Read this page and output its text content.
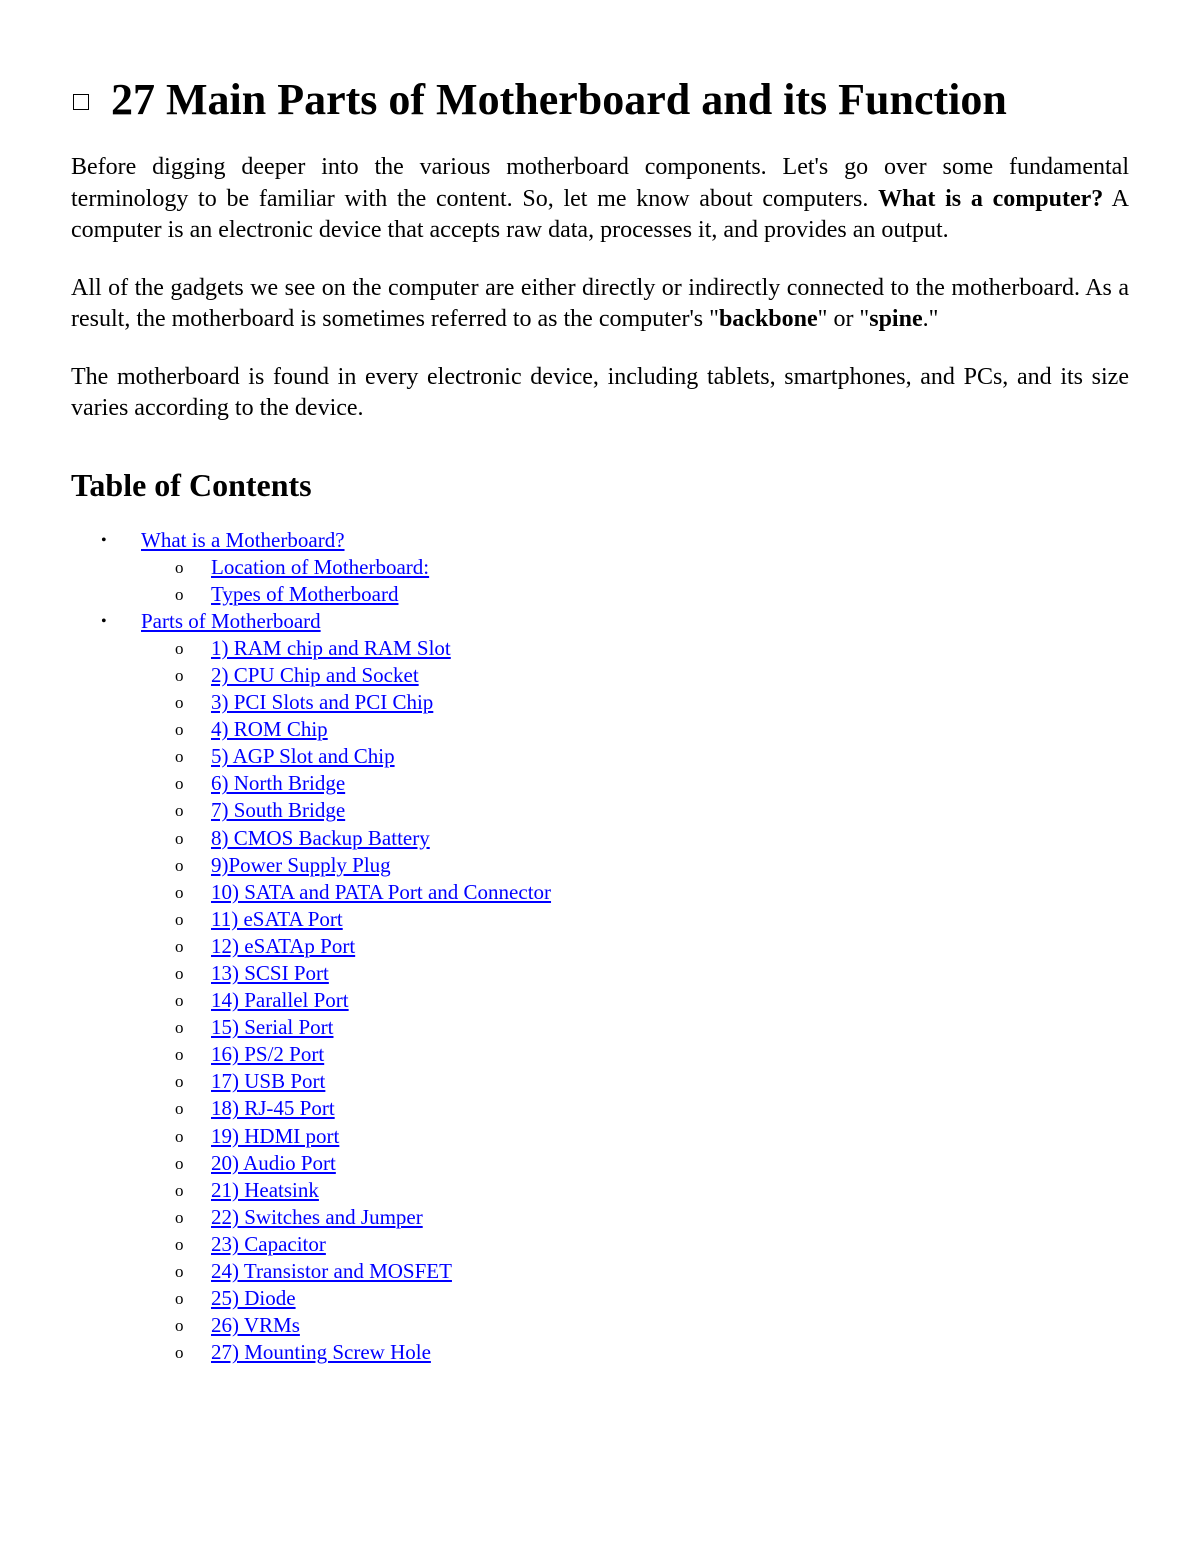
27 Main Parts of Motherboard and its Function

Before digging deeper into the various motherboard components. Let's go over some fundamental terminology to be familiar with the content. So, let me know about computers. What is a computer? A computer is an electronic device that accepts raw data, processes it, and provides an output.

All of the gadgets we see on the computer are either directly or indirectly connected to the motherboard. As a result, the motherboard is sometimes referred to as the computer's "backbone" or "spine."

The motherboard is found in every electronic device, including tablets, smartphones, and PCs, and its size varies according to the device.

Table of Contents
• What is a Motherboard?
o Location of Motherboard:
o Types of Motherboard
• Parts of Motherboard
o 1) RAM chip and RAM Slot
o 2) CPU Chip and Socket
o 3) PCI Slots and PCI Chip
o 4) ROM Chip
o 5) AGP Slot and Chip
o 6) North Bridge
o 7) South Bridge
o 8) CMOS Backup Battery
o 9)Power Supply Plug
o 10) SATA and PATA Port and Connector
o 11) eSATA Port
o 12) eSATAp Port
o 13) SCSI Port
o 14) Parallel Port
o 15) Serial Port
o 16) PS/2 Port
o 17) USB Port
o 18) RJ-45 Port
o 19) HDMI port
o 20) Audio Port
o 21) Heatsink
o 22) Switches and Jumper
o 23) Capacitor
o 24) Transistor and MOSFET
o 25) Diode
o 26) VRMs
o 27) Mounting Screw Hole
